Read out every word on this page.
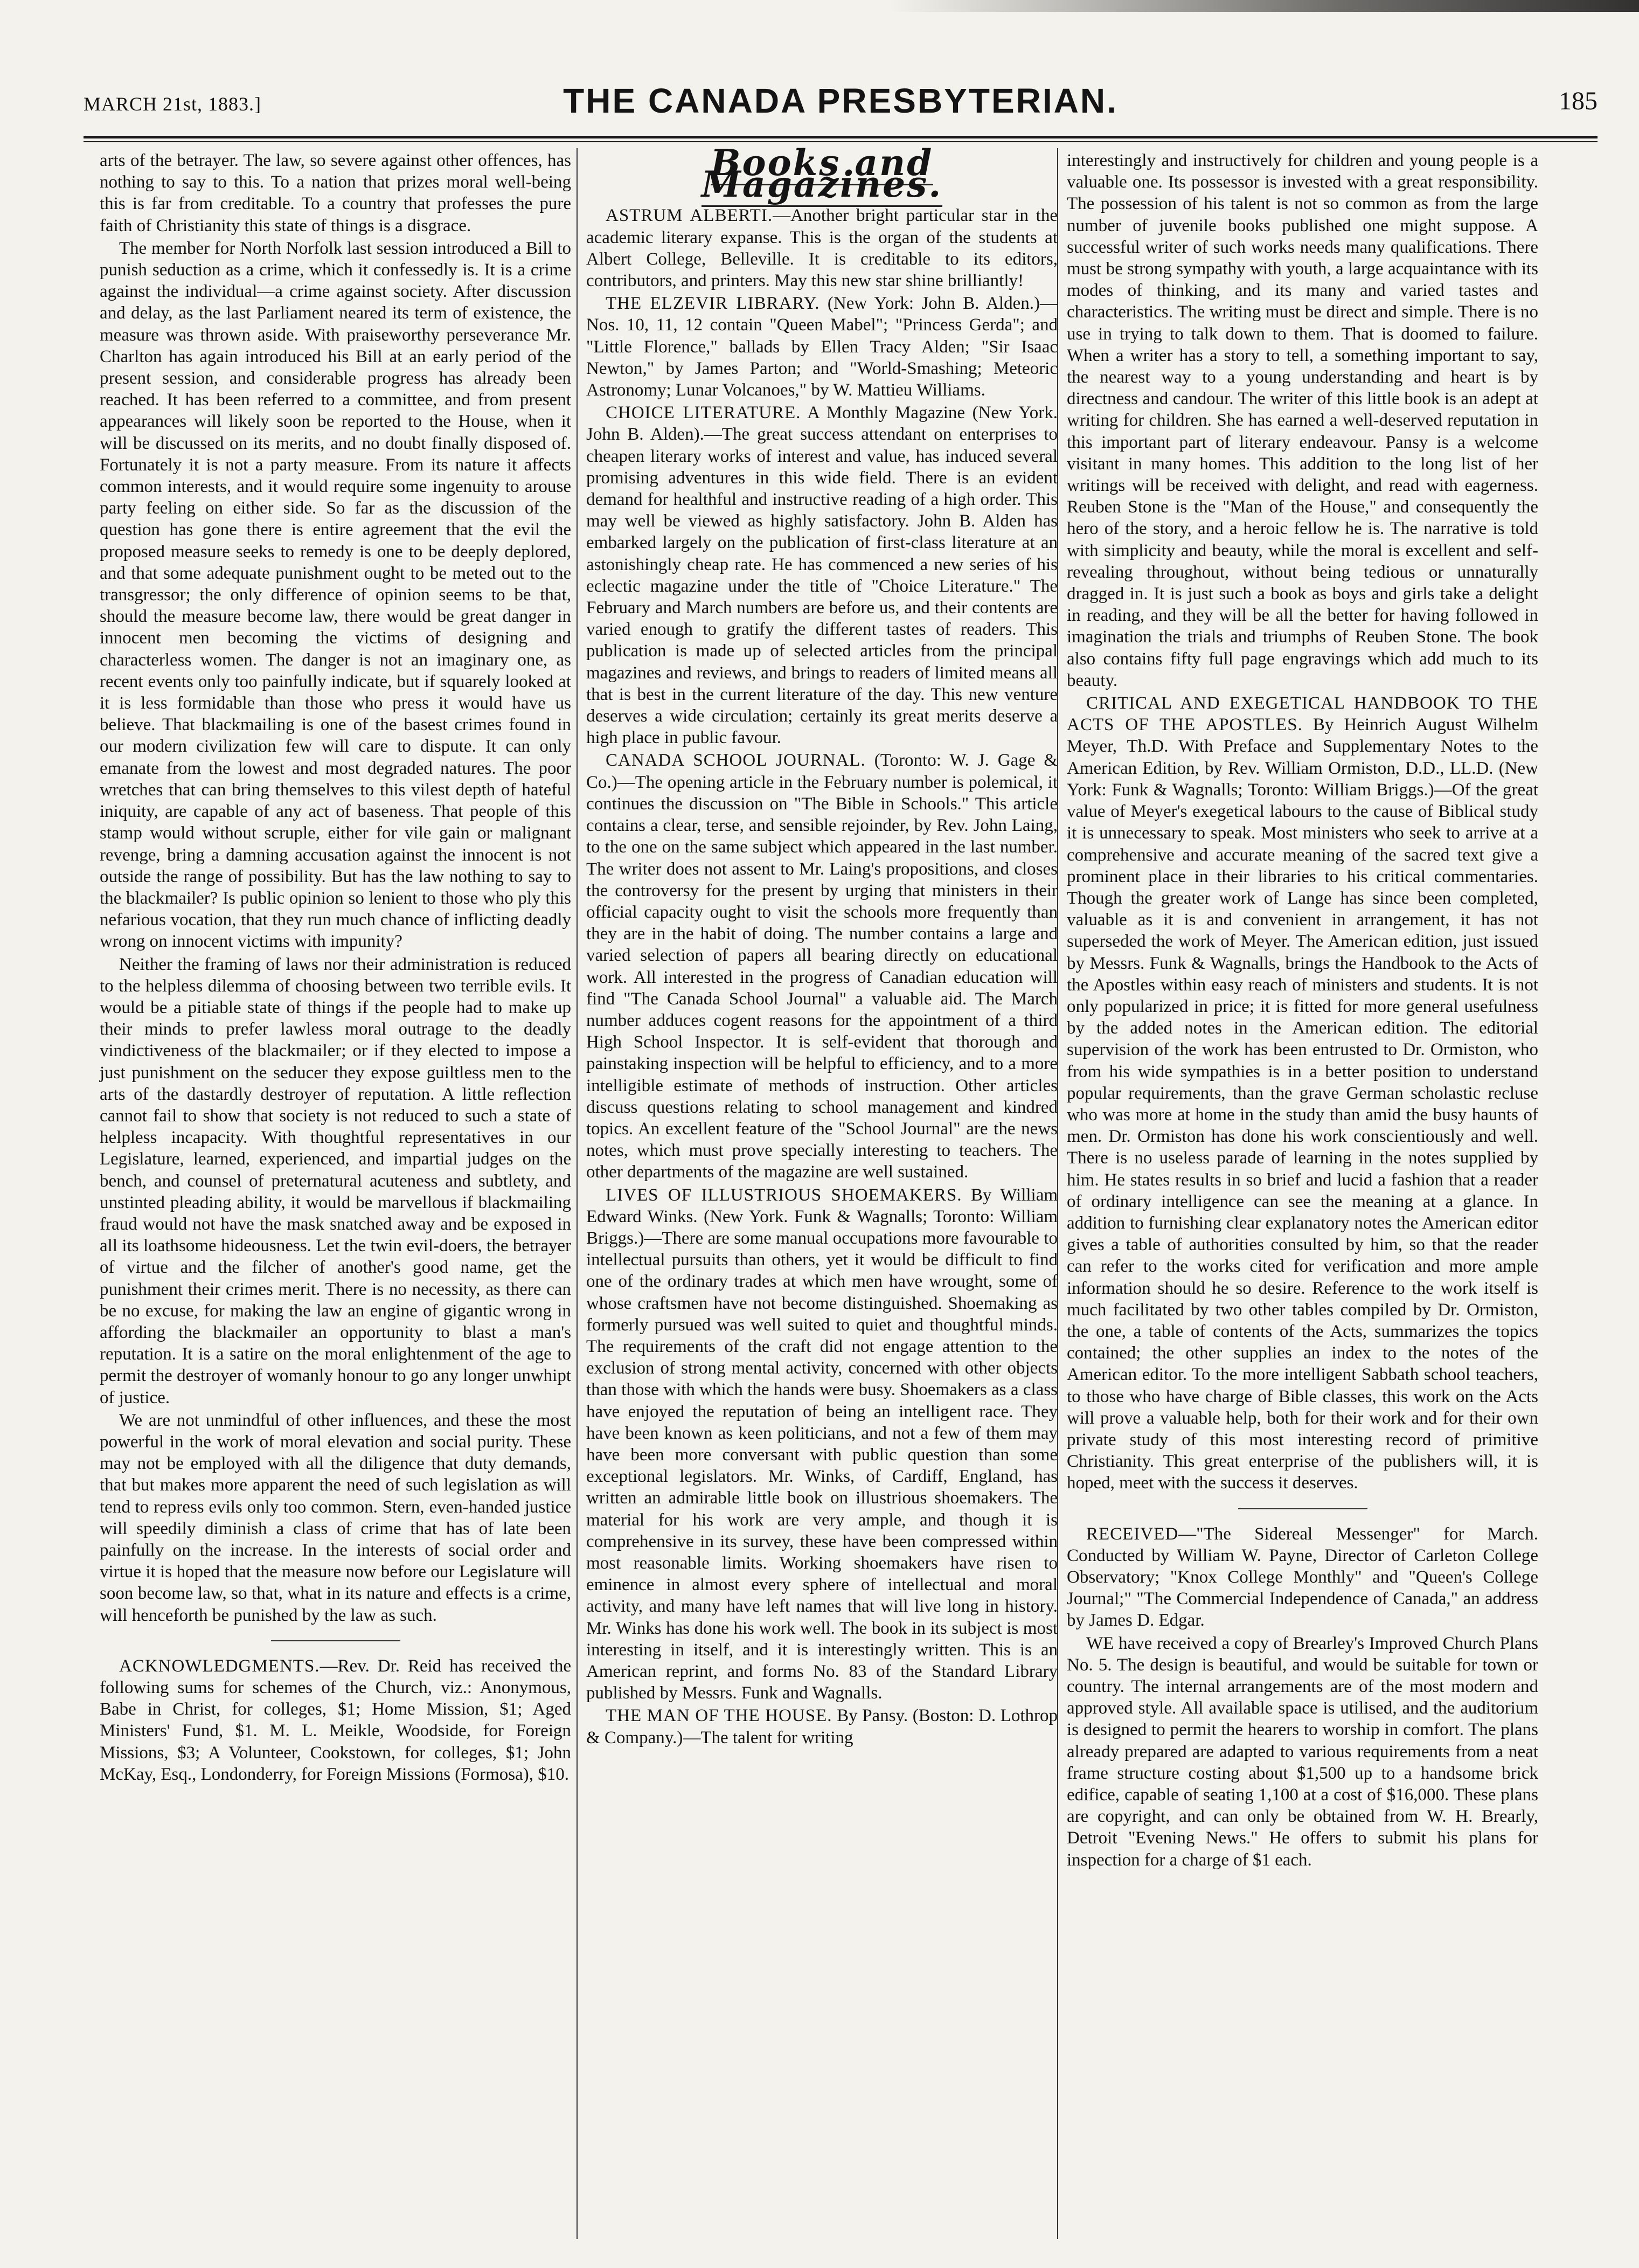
MARCH 21st, 1883.]	THE CANADA PRESBYTERIAN.	185

arts of the betrayer. The law, so severe against other offences, has nothing to say to this. To a nation that prizes moral well-being this is far from creditable. To a country that professes the pure faith of Christianity this state of things is a disgrace.

The member for North Norfolk last session introduced a Bill to punish seduction as a crime, which it confessedly is. It is a crime against the individual—a crime against society. After discussion and delay, as the last Parliament neared its term of existence, the measure was thrown aside. With praiseworthy perseverance Mr. Charlton has again introduced his Bill at an early period of the present session, and considerable progress has already been reached. It has been referred to a committee, and from present appearances will likely soon be reported to the House, when it will be discussed on its merits, and no doubt finally disposed of. Fortunately it is not a party measure. From its nature it affects common interests, and it would require some ingenuity to arouse party feeling on either side. So far as the discussion of the question has gone there is entire agreement that the evil the proposed measure seeks to remedy is one to be deeply deplored, and that some adequate punishment ought to be meted out to the transgressor; the only difference of opinion seems to be that, should the measure become law, there would be great danger in innocent men becoming the victims of designing and characterless women. The danger is not an imaginary one, as recent events only too painfully indicate, but if squarely looked at it is less formidable than those who press it would have us believe. That blackmailing is one of the basest crimes found in our modern civilization few will care to dispute. It can only emanate from the lowest and most degraded natures. The poor wretches that can bring themselves to this vilest depth of hateful iniquity, are capable of any act of baseness. That people of this stamp would without scruple, either for vile gain or malignant revenge, bring a damning accusation against the innocent is not outside the range of possibility. But has the law nothing to say to the blackmailer? Is public opinion so lenient to those who ply this nefarious vocation, that they run much chance of inflicting deadly wrong on innocent victims with impunity?

Neither the framing of laws nor their administration is reduced to the helpless dilemma of choosing between two terrible evils. It would be a pitiable state of things if the people had to make up their minds to prefer lawless moral outrage to the deadly vindictiveness of the blackmailer; or if they elected to impose a just punishment on the seducer they expose guiltless men to the arts of the dastardly destroyer of reputation. A little reflection cannot fail to show that society is not reduced to such a state of helpless incapacity. With thoughtful representatives in our Legislature, learned, experienced, and impartial judges on the bench, and counsel of preternatural acuteness and subtlety, and unstinted pleading ability, it would be marvellous if blackmailing fraud would not have the mask snatched away and be exposed in all its loathsome hideousness. Let the twin evil-doers, the betrayer of virtue and the filcher of another's good name, get the punishment their crimes merit. There is no necessity, as there can be no excuse, for making the law an engine of gigantic wrong in affording the blackmailer an opportunity to blast a man's reputation. It is a satire on the moral enlightenment of the age to permit the destroyer of womanly honour to go any longer unwhipt of justice.

We are not unmindful of other influences, and these the most powerful in the work of moral elevation and social purity. These may not be employed with all the diligence that duty demands, that but makes more apparent the need of such legislation as will tend to repress evils only too common. Stern, even-handed justice will speedily diminish a class of crime that has of late been painfully on the increase. In the interests of social order and virtue it is hoped that the measure now before our Legislature will soon become law, so that, what in its nature and effects is a crime, will henceforth be punished by the law as such.

ACKNOWLEDGMENTS.—Rev. Dr. Reid has received the following sums for schemes of the Church, viz.: Anonymous, Babe in Christ, for colleges, $1; Home Mission, $1; Aged Ministers' Fund, $1. M. L. Meikle, Woodside, for Foreign Missions, $3; A Volunteer, Cookstown, for colleges, $1; John McKay, Esq., Londonderry, for Foreign Missions (Formosa), $10.

Books and Magazines.

ASTRUM ALBERTI.—Another bright particular star in the academic literary expanse. This is the organ of the students at Albert College, Belleville. It is creditable to its editors, contributors, and printers. May this new star shine brilliantly!

THE ELZEVIR LIBRARY. (New York: John B. Alden.)—Nos. 10, 11, 12 contain "Queen Mabel"; "Princess Gerda"; and "Little Florence," ballads by Ellen Tracy Alden; "Sir Isaac Newton," by James Parton; and "World-Smashing; Meteoric Astronomy; Lunar Volcanoes," by W. Mattieu Williams.

CHOICE LITERATURE. A Monthly Magazine (New York. John B. Alden).—The great success attendant on enterprises to cheapen literary works of interest and value, has induced several promising adventures in this wide field. There is an evident demand for healthful and instructive reading of a high order. This may well be viewed as highly satisfactory. John B. Alden has embarked largely on the publication of first-class literature at an astonishingly cheap rate. He has commenced a new series of his eclectic magazine under the title of "Choice Literature." The February and March numbers are before us, and their contents are varied enough to gratify the different tastes of readers. This publication is made up of selected articles from the principal magazines and reviews, and brings to readers of limited means all that is best in the current literature of the day. This new venture deserves a wide circulation; certainly its great merits deserve a high place in public favour.

CANADA SCHOOL JOURNAL. (Toronto: W. J. Gage & Co.)—The opening article in the February number is polemical, it continues the discussion on "The Bible in Schools." This article contains a clear, terse, and sensible rejoinder, by Rev. John Laing, to the one on the same subject which appeared in the last number. The writer does not assent to Mr. Laing's propositions, and closes the controversy for the present by urging that ministers in their official capacity ought to visit the schools more frequently than they are in the habit of doing. The number contains a large and varied selection of papers all bearing directly on educational work. All interested in the progress of Canadian education will find "The Canada School Journal" a valuable aid. The March number adduces cogent reasons for the appointment of a third High School Inspector. It is self-evident that thorough and painstaking inspection will be helpful to efficiency, and to a more intelligible estimate of methods of instruction. Other articles discuss questions relating to school management and kindred topics. An excellent feature of the "School Journal" are the news notes, which must prove specially interesting to teachers. The other departments of the magazine are well sustained.

LIVES OF ILLUSTRIOUS SHOEMAKERS. By William Edward Winks. (New York. Funk & Wagnalls; Toronto: William Briggs.)—There are some manual occupations more favourable to intellectual pursuits than others, yet it would be difficult to find one of the ordinary trades at which men have wrought, some of whose craftsmen have not become distinguished. Shoemaking as formerly pursued was well suited to quiet and thoughtful minds. The requirements of the craft did not engage attention to the exclusion of strong mental activity, concerned with other objects than those with which the hands were busy. Shoemakers as a class have enjoyed the reputation of being an intelligent race. They have been known as keen politicians, and not a few of them may have been more conversant with public question than some exceptional legislators. Mr. Winks, of Cardiff, England, has written an admirable little book on illustrious shoemakers. The material for his work are very ample, and though it is comprehensive in its survey, these have been compressed within most reasonable limits. Working shoemakers have risen to eminence in almost every sphere of intellectual and moral activity, and many have left names that will live long in history. Mr. Winks has done his work well. The book in its subject is most interesting in itself, and it is interestingly written. This is an American reprint, and forms No. 83 of the Standard Library published by Messrs. Funk and Wagnalls.

THE MAN OF THE HOUSE. By Pansy. (Boston: D. Lothrop & Company.)—The talent for writing

interestingly and instructively for children and young people is a valuable one. Its possessor is invested with a great responsibility. The possession of his talent is not so common as from the large number of juvenile books published one might suppose. A successful writer of such works needs many qualifications. There must be strong sympathy with youth, a large acquaintance with its modes of thinking, and its many and varied tastes and characteristics. The writing must be direct and simple. There is no use in trying to talk down to them. That is doomed to failure. When a writer has a story to tell, a something important to say, the nearest way to a young understanding and heart is by directness and candour. The writer of this little book is an adept at writing for children. She has earned a well-deserved reputation in this important part of literary endeavour. Pansy is a welcome visitant in many homes. This addition to the long list of her writings will be received with delight, and read with eagerness. Reuben Stone is the "Man of the House," and consequently the hero of the story, and a heroic fellow he is. The narrative is told with simplicity and beauty, while the moral is excellent and self-revealing throughout, without being tedious or unnaturally dragged in. It is just such a book as boys and girls take a delight in reading, and they will be all the better for having followed in imagination the trials and triumphs of Reuben Stone. The book also contains fifty full page engravings which add much to its beauty.

CRITICAL AND EXEGETICAL HANDBOOK TO THE ACTS OF THE APOSTLES. By Heinrich August Wilhelm Meyer, Th.D. With Preface and Supplementary Notes to the American Edition, by Rev. William Ormiston, D.D., LL.D. (New York: Funk & Wagnalls; Toronto: William Briggs.)—Of the great value of Meyer's exegetical labours to the cause of Biblical study it is unnecessary to speak. Most ministers who seek to arrive at a comprehensive and accurate meaning of the sacred text give a prominent place in their libraries to his critical commentaries. Though the greater work of Lange has since been completed, valuable as it is and convenient in arrangement, it has not superseded the work of Meyer. The American edition, just issued by Messrs. Funk & Wagnalls, brings the Handbook to the Acts of the Apostles within easy reach of ministers and students. It is not only popularized in price; it is fitted for more general usefulness by the added notes in the American edition. The editorial supervision of the work has been entrusted to Dr. Ormiston, who from his wide sympathies is in a better position to understand popular requirements, than the grave German scholastic recluse who was more at home in the study than amid the busy haunts of men. Dr. Ormiston has done his work conscientiously and well. There is no useless parade of learning in the notes supplied by him. He states results in so brief and lucid a fashion that a reader of ordinary intelligence can see the meaning at a glance. In addition to furnishing clear explanatory notes the American editor gives a table of authorities consulted by him, so that the reader can refer to the works cited for verification and more ample information should he so desire. Reference to the work itself is much facilitated by two other tables compiled by Dr. Ormiston, the one, a table of contents of the Acts, summarizes the topics contained; the other supplies an index to the notes of the American editor. To the more intelligent Sabbath school teachers, to those who have charge of Bible classes, this work on the Acts will prove a valuable help, both for their work and for their own private study of this most interesting record of primitive Christianity. This great enterprise of the publishers will, it is hoped, meet with the success it deserves.

RECEIVED—"The Sidereal Messenger" for March. Conducted by William W. Payne, Director of Carleton College Observatory; "Knox College Monthly" and "Queen's College Journal;" "The Commercial Independence of Canada," an address by James D. Edgar.

WE have received a copy of Brearley's Improved Church Plans No. 5. The design is beautiful, and would be suitable for town or country. The internal arrangements are of the most modern and approved style. All available space is utilised, and the auditorium is designed to permit the hearers to worship in comfort. The plans already prepared are adapted to various requirements from a neat frame structure costing about $1,500 up to a handsome brick edifice, capable of seating 1,100 at a cost of $16,000. These plans are copyright, and can only be obtained from W. H. Brearly, Detroit "Evening News." He offers to submit his plans for inspection for a charge of $1 each.
